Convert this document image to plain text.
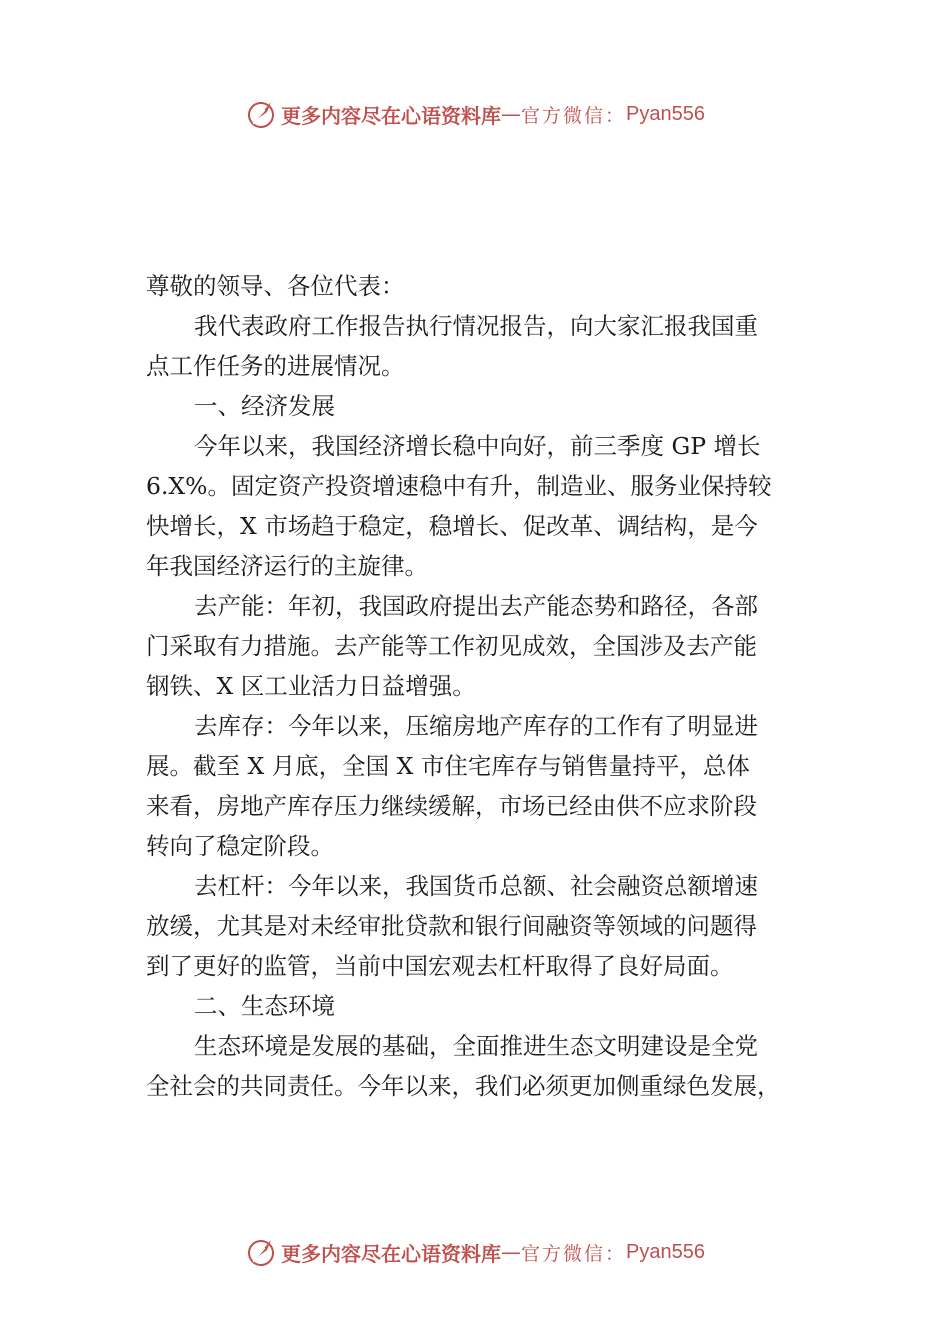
更多内容尽在心语资料库 — 官方微信： Pyan556
尊敬的领导、各位代表：
我代表政府工作报告执行情况报告，向大家汇报我国重
点工作任务的进展情况。
一、经济发展
今年以来，我国经济增长稳中向好，前三季度 GP 增长
6.X%。固定资产投资增速稳中有升，制造业、服务业保持较
快增长，X 市场趋于稳定，稳增长、促改革、调结构，是今
年我国经济运行的主旋律。
去产能：年初，我国政府提出去产能态势和路径，各部
门采取有力措施。去产能等工作初见成效，全国涉及去产能
钢铁、X 区工业活力日益增强。
去库存：今年以来，压缩房地产库存的工作有了明显进
展。截至 X 月底，全国 X 市住宅库存与销售量持平，总体
来看，房地产库存压力继续缓解，市场已经由供不应求阶段
转向了稳定阶段。
去杠杆：今年以来，我国货币总额、社会融资总额增速
放缓，尤其是对未经审批贷款和银行间融资等领域的问题得
到了更好的监管，当前中国宏观去杠杆取得了良好局面。
二、生态环境
生态环境是发展的基础，全面推进生态文明建设是全党
全社会的共同责任。今年以来，我们必须更加侧重绿色发展，
更多内容尽在心语资料库 — 官方微信： Pyan556
